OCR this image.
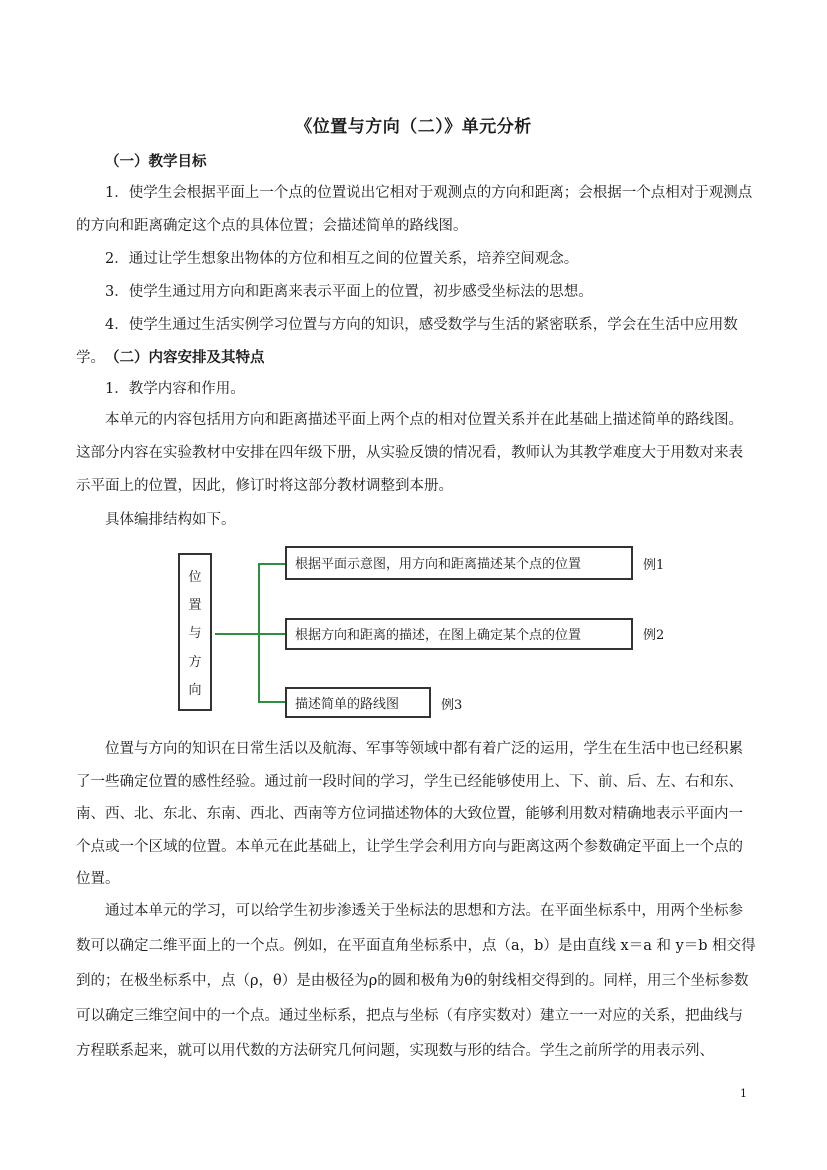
《位置与方向（二）》单元分析
（一）教学目标
1．使学生会根据平面上一个点的位置说出它相对于观测点的方向和距离；会根据一个点相对于观测点的方向和距离确定这个点的具体位置；会描述简单的路线图。
2．通过让学生想象出物体的方位和相互之间的位置关系，培养空间观念。
3．使学生通过用方向和距离来表示平面上的位置，初步感受坐标法的思想。
4．使学生通过生活实例学习位置与方向的知识，感受数学与生活的紧密联系，学会在生活中应用数学。 （二）内容安排及其特点
1．教学内容和作用。
本单元的内容包括用方向和距离描述平面上两个点的相对位置关系并在此基础上描述简单的路线图。这部分内容在实验教材中安排在四年级下册，从实验反馈的情况看，教师认为其教学难度大于用数对来表示平面上的位置，因此，修订时将这部分教材调整到本册。
具体编排结构如下。
位
置
与
方
向
根据平面示意图，用方向和距离描述某个点的位置	例1
根据方向和距离的描述，在图上确定某个点的位置	例2
描述简单的路线图	例3
位置与方向的知识在日常生活以及航海、军事等领域中都有着广泛的运用，学生在生活中也已经积累了一些确定位置的感性经验。通过前一段时间的学习，学生已经能够使用上、下、前、后、左、右和东、南、西、北、东北、东南、西北、西南等方位词描述物体的大致位置，能够利用数对精确地表示平面内一个点或一个区域的位置。本单元在此基础上，让学生学会利用方向与距离这两个参数确定平面上一个点的位置。
通过本单元的学习，可以给学生初步渗透关于坐标法的思想和方法。在平面坐标系中，用两个坐标参数可以确定二维平面上的一个点。例如，在平面直角坐标系中，点（a，b）是由直线 x＝a 和 y＝b 相交得到的；在极坐标系中，点（ρ，θ）是由极径为ρ的圆和极角为θ的射线相交得到的。同样，用三个坐标参数可以确定三维空间中的一个点。通过坐标系，把点与坐标（有序实数对）建立一一对应的关系，把曲线与方程联系起来，就可以用代数的方法研究几何问题，实现数与形的结合。学生之前所学的用表示列、
1
